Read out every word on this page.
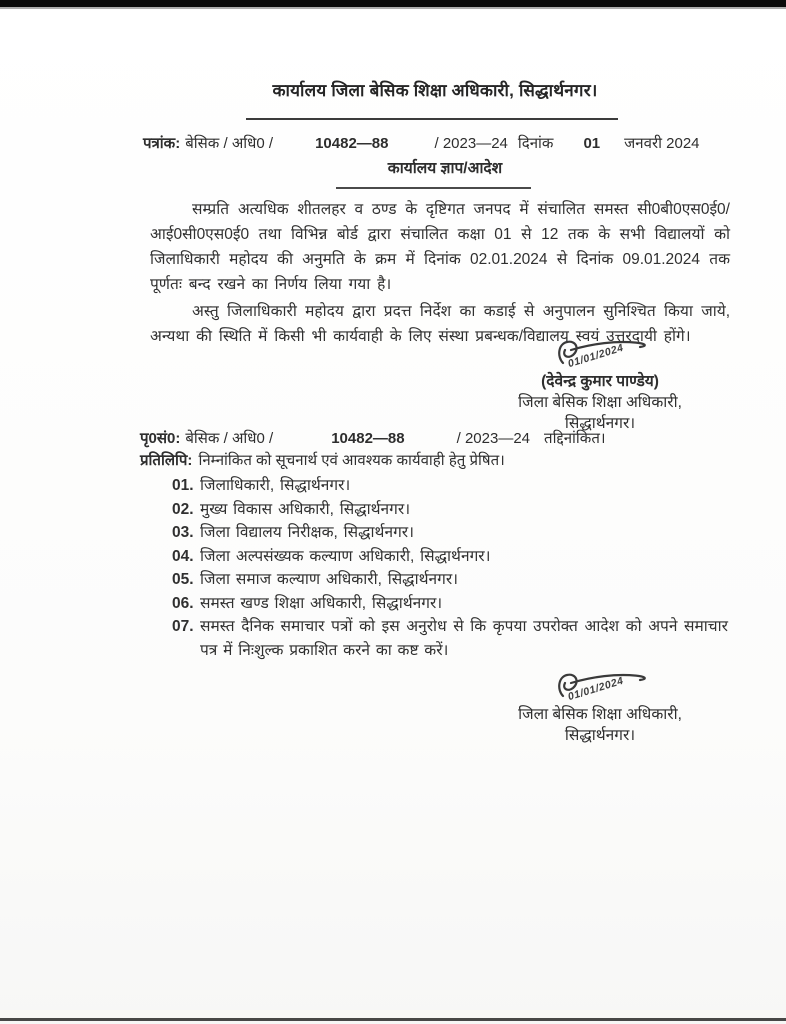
कार्यालय जिला बेसिक शिक्षा अधिकारी, सिद्धार्थनगर।
पत्रांक: बेसिक / अधि0 /	10482—88	/ 2023—24 दिनांक 01 जनवरी 2024
कार्यालय ज्ञाप/आदेश

सम्प्रति अत्यधिक शीतलहर व ठण्ड के दृष्टिगत जनपद में संचालित समस्त सी0बी0एस0ई0/आई0सी0एस0ई0 तथा विभिन्न बोर्ड द्वारा संचालित कक्षा 01 से 12 तक के सभी विद्यालयों को जिलाधिकारी महोदय की अनुमति के क्रम में दिनांक 02.01.2024 से दिनांक 09.01.2024 तक पूर्णतः बन्द रखने का निर्णय लिया गया है।

अस्तु जिलाधिकारी महोदय द्वारा प्रदत्त निर्देश का कडाई से अनुपालन सुनिश्चित किया जाये, अन्यथा की स्थिति में किसी भी कार्यवाही के लिए संस्था प्रबन्धक/विद्यालय स्वयं उत्तरदायी होंगे।

01/01/2024
(देवेन्द्र कुमार पाण्डेय)
जिला बेसिक शिक्षा अधिकारी,
सिद्धार्थनगर।
पृ0सं0: बेसिक / अधि0 /	10482—88	/ 2023—24 तद्दिनांकित।
प्रतिलिपि: निम्नांकित को सूचनार्थ एवं आवश्यक कार्यवाही हेतु प्रेषित।
01. जिलाधिकारी, सिद्धार्थनगर।
02. मुख्य विकास अधिकारी, सिद्धार्थनगर।
03. जिला विद्यालय निरीक्षक, सिद्धार्थनगर।
04. जिला अल्पसंख्यक कल्याण अधिकारी, सिद्धार्थनगर।
05. जिला समाज कल्याण अधिकारी, सिद्धार्थनगर।
06. समस्त खण्ड शिक्षा अधिकारी, सिद्धार्थनगर।
07. समस्त दैनिक समाचार पत्रों को इस अनुरोध से कि कृपया उपरोक्त आदेश को अपने समाचार पत्र में निःशुल्क प्रकाशित करने का कष्ट करें।
01/01/2024
जिला बेसिक शिक्षा अधिकारी,
सिद्धार्थनगर।
